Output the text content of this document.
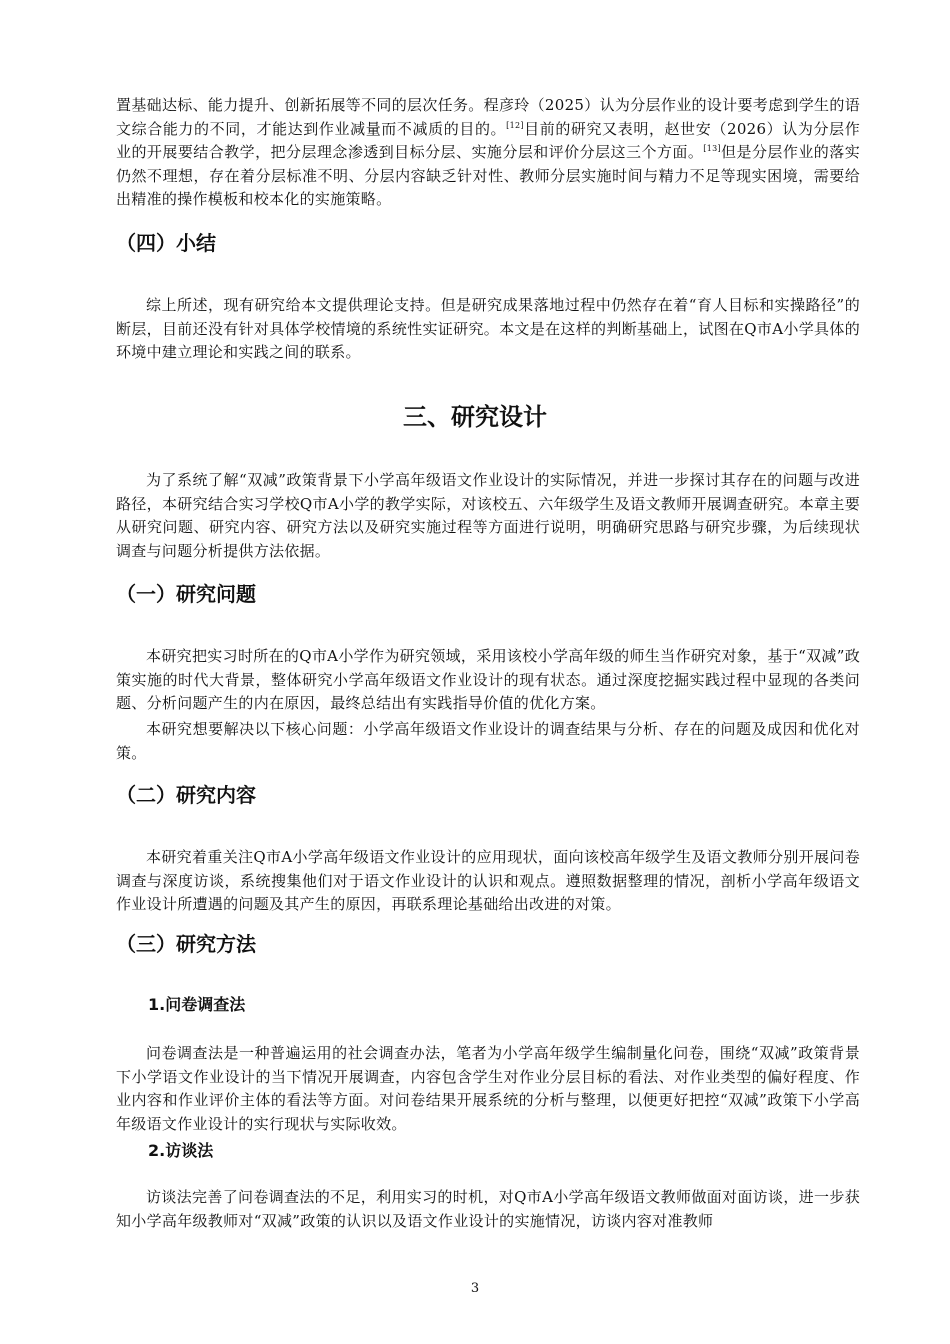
置基础达标、能力提升、创新拓展等不同的层次任务。程彦玲（2025）认为分层作业的设计要考虑到学生的语文综合能力的不同，才能达到作业减量而不减质的目的。[12]目前的研究又表明，赵世安（2026）认为分层作业的开展要结合教学，把分层理念渗透到目标分层、实施分层和评价分层这三个方面。[13]但是分层作业的落实仍然不理想，存在着分层标准不明、分层内容缺乏针对性、教师分层实施时间与精力不足等现实困境，需要给出精准的操作模板和校本化的实施策略。

（四）小结

综上所述，现有研究给本文提供理论支持。但是研究成果落地过程中仍然存在着“育人目标和实操路径”的断层，目前还没有针对具体学校情境的系统性实证研究。本文是在这样的判断基础上，试图在Q市A小学具体的环境中建立理论和实践之间的联系。

三、研究设计

为了系统了解“双减”政策背景下小学高年级语文作业设计的实际情况，并进一步探讨其存在的问题与改进路径，本研究结合实习学校Q市A小学的教学实际，对该校五、六年级学生及语文教师开展调查研究。本章主要从研究问题、研究内容、研究方法以及研究实施过程等方面进行说明，明确研究思路与研究步骤，为后续现状调查与问题分析提供方法依据。

（一）研究问题

本研究把实习时所在的Q市A小学作为研究领域，采用该校小学高年级的师生当作研究对象，基于“双减”政策实施的时代大背景，整体研究小学高年级语文作业设计的现有状态。通过深度挖掘实践过程中显现的各类问题、分析问题产生的内在原因，最终总结出有实践指导价值的优化方案。

本研究想要解决以下核心问题：小学高年级语文作业设计的调查结果与分析、存在的问题及成因和优化对策。

（二）研究内容

本研究着重关注Q市A小学高年级语文作业设计的应用现状，面向该校高年级学生及语文教师分别开展问卷调查与深度访谈，系统搜集他们对于语文作业设计的认识和观点。遵照数据整理的情况，剖析小学高年级语文作业设计所遭遇的问题及其产生的原因，再联系理论基础给出改进的对策。

（三）研究方法
1.问卷调查法

问卷调查法是一种普遍运用的社会调查办法，笔者为小学高年级学生编制量化问卷，围绕“双减”政策背景下小学语文作业设计的当下情况开展调查，内容包含学生对作业分层目标的看法、对作业类型的偏好程度、作业内容和作业评价主体的看法等方面。对问卷结果开展系统的分析与整理，以便更好把控“双减”政策下小学高年级语文作业设计的实行现状与实际收效。

2.访谈法

访谈法完善了问卷调查法的不足，利用实习的时机，对Q市A小学高年级语文教师做面对面访谈，进一步获知小学高年级教师对“双减”政策的认识以及语文作业设计的实施情况，访谈内容对准教师

3
